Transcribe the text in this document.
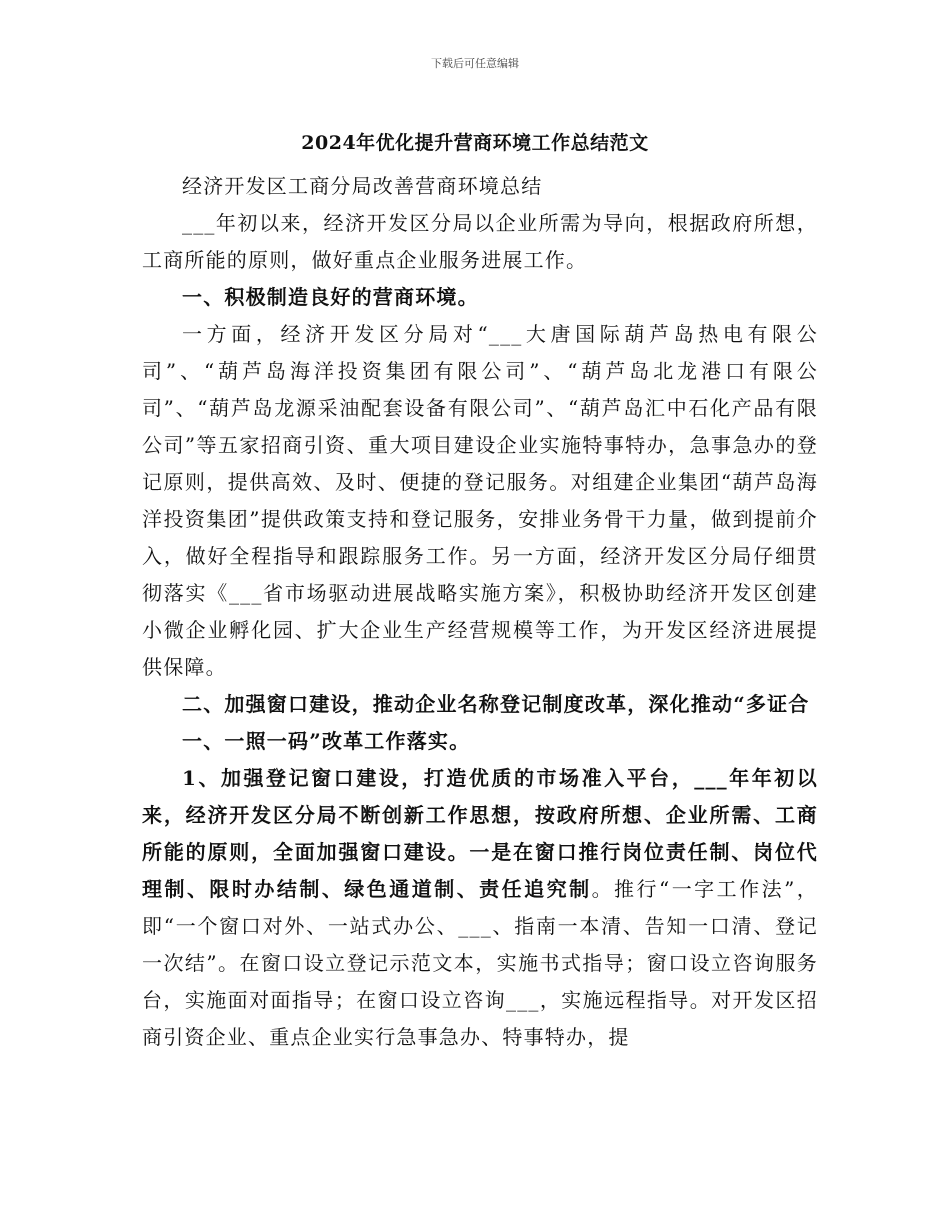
下载后可任意编辑
2024年优化提升营商环境工作总结范文

经济开发区工商分局改善营商环境总结

___年初以来，经济开发区分局以企业所需为导向，根据政府所想，工商所能的原则，做好重点企业服务进展工作。

一、积极制造良好的营商环境。

一方面，经济开发区分局对“___大唐国际葫芦岛热电有限公司”、“葫芦岛海洋投资集团有限公司”、“葫芦岛北龙港口有限公司”、“葫芦岛龙源采油配套设备有限公司”、“葫芦岛汇中石化产品有限公司”等五家招商引资、重大项目建设企业实施特事特办，急事急办的登记原则，提供高效、及时、便捷的登记服务。对组建企业集团“葫芦岛海洋投资集团”提供政策支持和登记服务，安排业务骨干力量，做到提前介入，做好全程指导和跟踪服务工作。另一方面，经济开发区分局仔细贯彻落实《___省市场驱动进展战略实施方案》，积极协助经济开发区创建小微企业孵化园、扩大企业生产经营规模等工作，为开发区经济进展提供保障。

二、加强窗口建设，推动企业名称登记制度改革，深化推动“多证合

一、一照一码”改革工作落实。

1、加强登记窗口建设，打造优质的市场准入平台，___年年初以来，经济开发区分局不断创新工作思想，按政府所想、企业所需、工商所能的原则，全面加强窗口建设。一是在窗口推行岗位责任制、岗位代理制、限时办结制、绿色通道制、责任追究制。推行“一字工作法”，即“一个窗口对外、一站式办公、___、指南一本清、告知一口清、登记一次结”。在窗口设立登记示范文本，实施书式指导；窗口设立咨询服务台，实施面对面指导；在窗口设立咨询___，实施远程指导。对开发区招商引资企业、重点企业实行急事急办、特事特办，提
